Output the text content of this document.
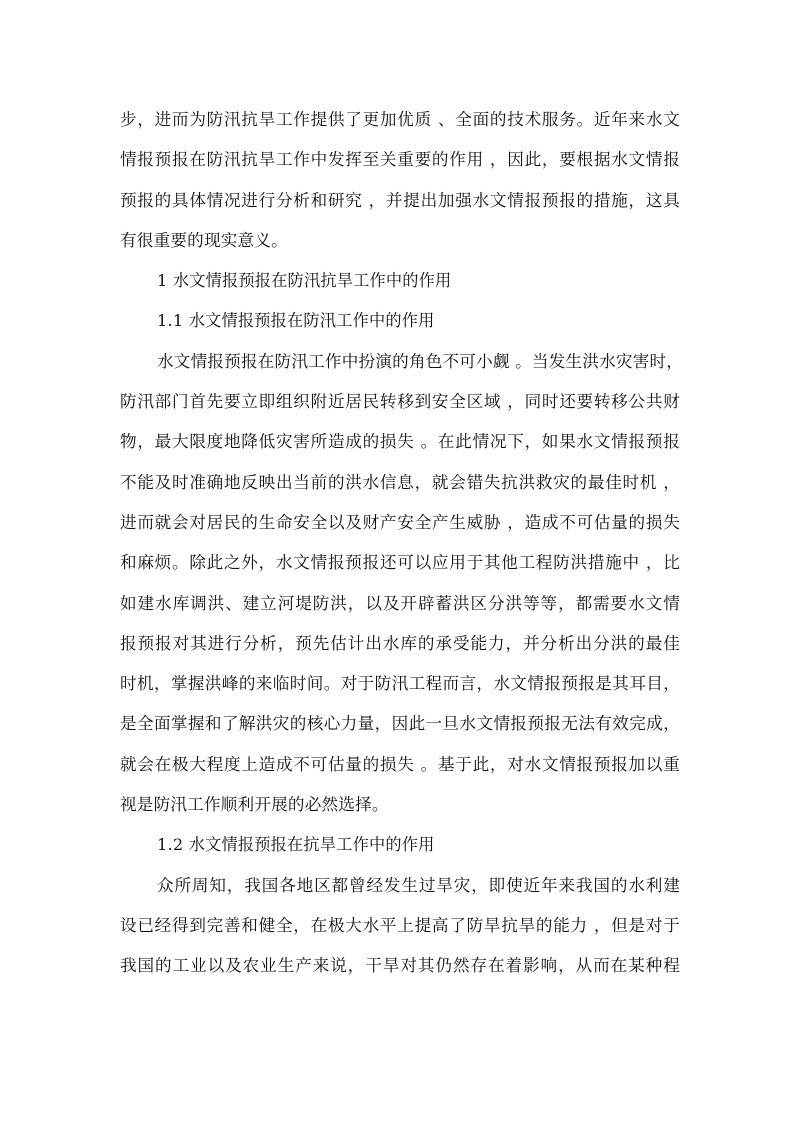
步，进而为防汛抗旱工作提供了更加优质 、全面的技术服务。近年来水文
情报预报在防汛抗旱工作中发挥至关重要的作用 ，因此，要根据水文情报
预报的具体情况进行分析和研究 ，并提出加强水文情报预报的措施，这具
有很重要的现实意义。
1 水文情报预报在防汛抗旱工作中的作用
1.1 水文情报预报在防汛工作中的作用
水文情报预报在防汛工作中扮演的角色不可小觑 。当发生洪水灾害时，
防汛部门首先要立即组织附近居民转移到安全区域 ，同时还要转移公共财
物，最大限度地降低灾害所造成的损失 。在此情况下，如果水文情报预报
不能及时准确地反映出当前的洪水信息，就会错失抗洪救灾的最佳时机 ，
进而就会对居民的生命安全以及财产安全产生威胁 ，造成不可估量的损失
和麻烦。除此之外，水文情报预报还可以应用于其他工程防洪措施中 ，比
如建水库调洪、建立河堤防洪，以及开辟蓄洪区分洪等等，都需要水文情
报预报对其进行分析，预先估计出水库的承受能力，并分析出分洪的最佳
时机，掌握洪峰的来临时间。对于防汛工程而言，水文情报预报是其耳目，
是全面掌握和了解洪灾的核心力量，因此一旦水文情报预报无法有效完成，
就会在极大程度上造成不可估量的损失 。基于此，对水文情报预报加以重
视是防汛工作顺利开展的必然选择。
1.2 水文情报预报在抗旱工作中的作用
众所周知，我国各地区都曾经发生过旱灾，即使近年来我国的水利建
设已经得到完善和健全，在极大水平上提高了防旱抗旱的能力 ，但是对于
我国的工业以及农业生产来说，干旱对其仍然存在着影响，从而在某种程
